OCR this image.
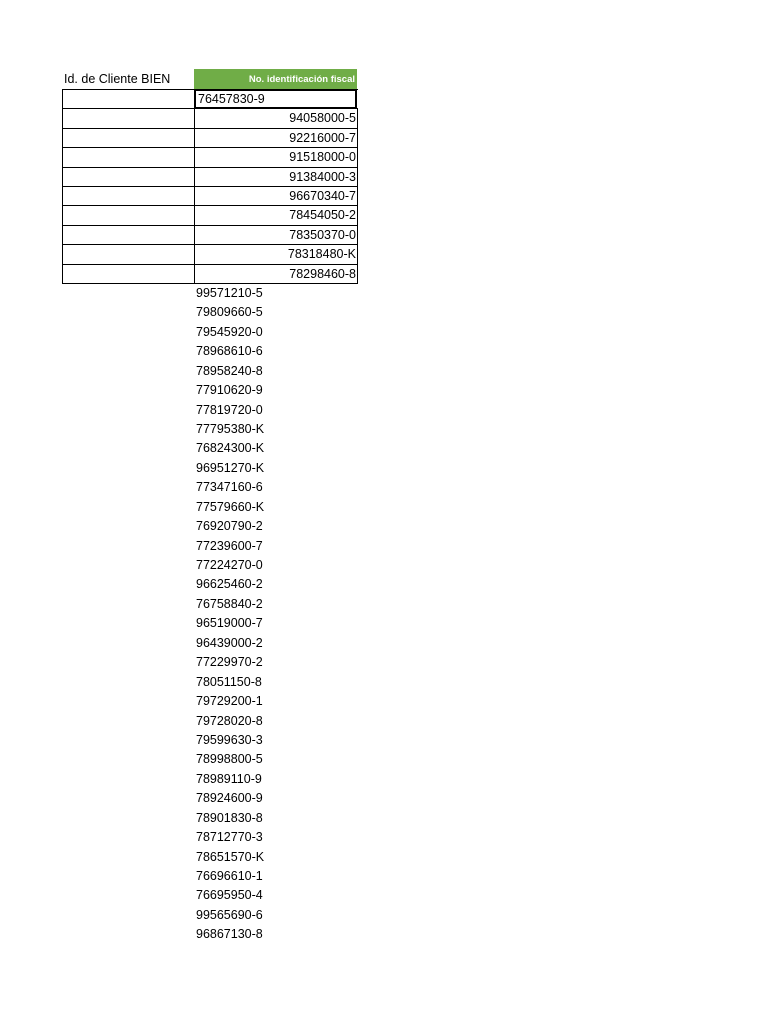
Id. de Cliente BIEN	No. identificación fiscal
76457830-9
94058000-5
92216000-7
91518000-0
91384000-3
96670340-7
78454050-2
78350370-0
78318480-K
78298460-8
99571210-5
79809660-5
79545920-0
78968610-6
78958240-8
77910620-9
77819720-0
77795380-K
76824300-K
96951270-K
77347160-6
77579660-K
76920790-2
77239600-7
77224270-0
96625460-2
76758840-2
96519000-7
96439000-2
77229970-2
78051150-8
79729200-1
79728020-8
79599630-3
78998800-5
78989110-9
78924600-9
78901830-8
78712770-3
78651570-K
76696610-1
76695950-4
99565690-6
96867130-8
